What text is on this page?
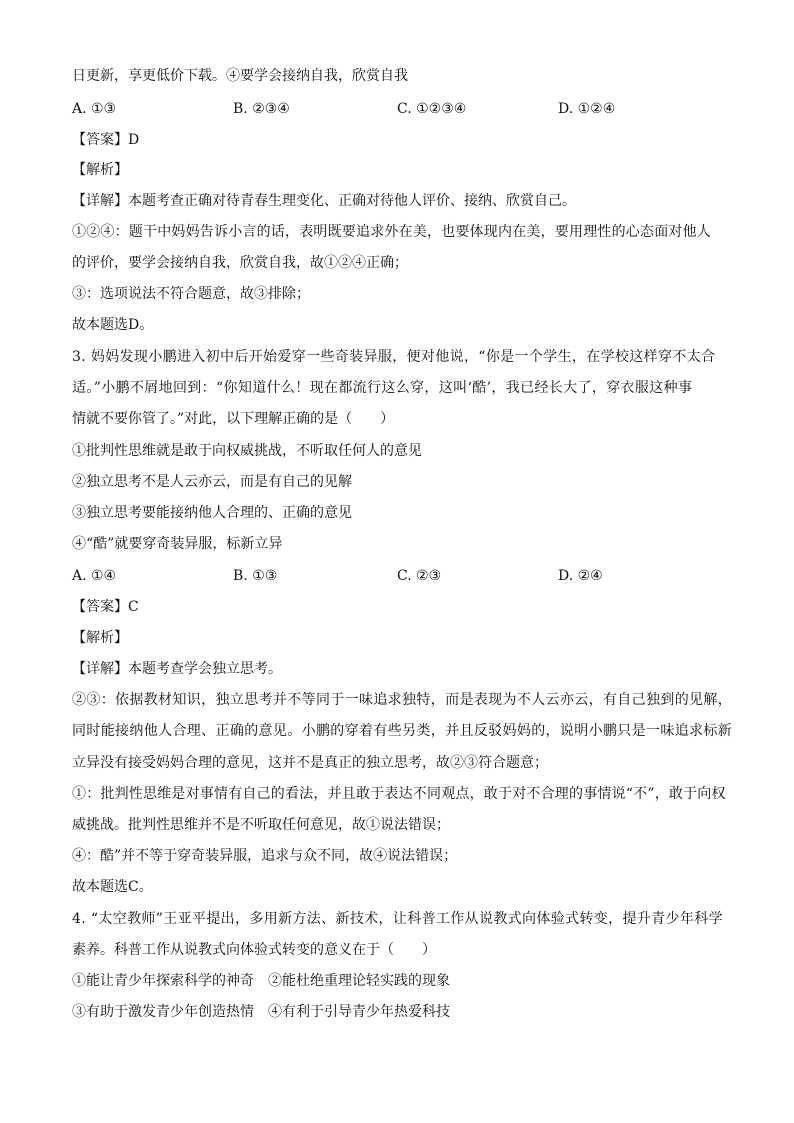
日更新，享更低价下载。④要学会接纳自我，欣赏自我
A. ①③	B. ②③④	C. ①②③④	D. ①②④
【答案】D
【解析】
【详解】本题考查正确对待青春生理变化、正确对待他人评价、接纳、欣赏自己。
①②④：题干中妈妈告诉小言的话，表明既要追求外在美，也要体现内在美，要用理性的心态面对他人
的评价，要学会接纳自我，欣赏自我，故①②④正确；
③：选项说法不符合题意，故③排除；
故本题选D。
3. 妈妈发现小鹏进入初中后开始爱穿一些奇装异服，便对他说，“你是一个学生，在学校这样穿不太合
适。”小鹏不屑地回到：“你知道什么！现在都流行这么穿，这叫‘酷’，我已经长大了，穿衣服这种事
情就不要你管了。”对此，以下理解正确的是（　　）
①批判性思维就是敢于向权威挑战，不听取任何人的意见
②独立思考不是人云亦云，而是有自己的见解
③独立思考要能接纳他人合理的、正确的意见
④“酷”就要穿奇装异服，标新立异
A. ①④	B. ①③	C. ②③	D. ②④
【答案】C
【解析】
【详解】本题考查学会独立思考。
②③：依据教材知识，独立思考并不等同于一味追求独特，而是表现为不人云亦云，有自己独到的见解，
同时能接纳他人合理、正确的意见。小鹏的穿着有些另类，并且反驳妈妈的，说明小鹏只是一味追求标新
立异没有接受妈妈合理的意见，这并不是真正的独立思考，故②③符合题意；
①：批判性思维是对事情有自己的看法，并且敢于表达不同观点，敢于对不合理的事情说“不”，敢于向权
威挑战。批判性思维并不是不听取任何意见，故①说法错误；
④：酷”并不等于穿奇装异服，追求与众不同，故④说法错误；
故本题选C。
4. “太空教师”王亚平提出，多用新方法、新技术，让科普工作从说教式向体验式转变，提升青少年科学
素养。科普工作从说教式向体验式转变的意义在于（　　）
①能让青少年探索科学的神奇　②能杜绝重理论轻实践的现象
③有助于激发青少年创造热情　④有利于引导青少年热爱科技
